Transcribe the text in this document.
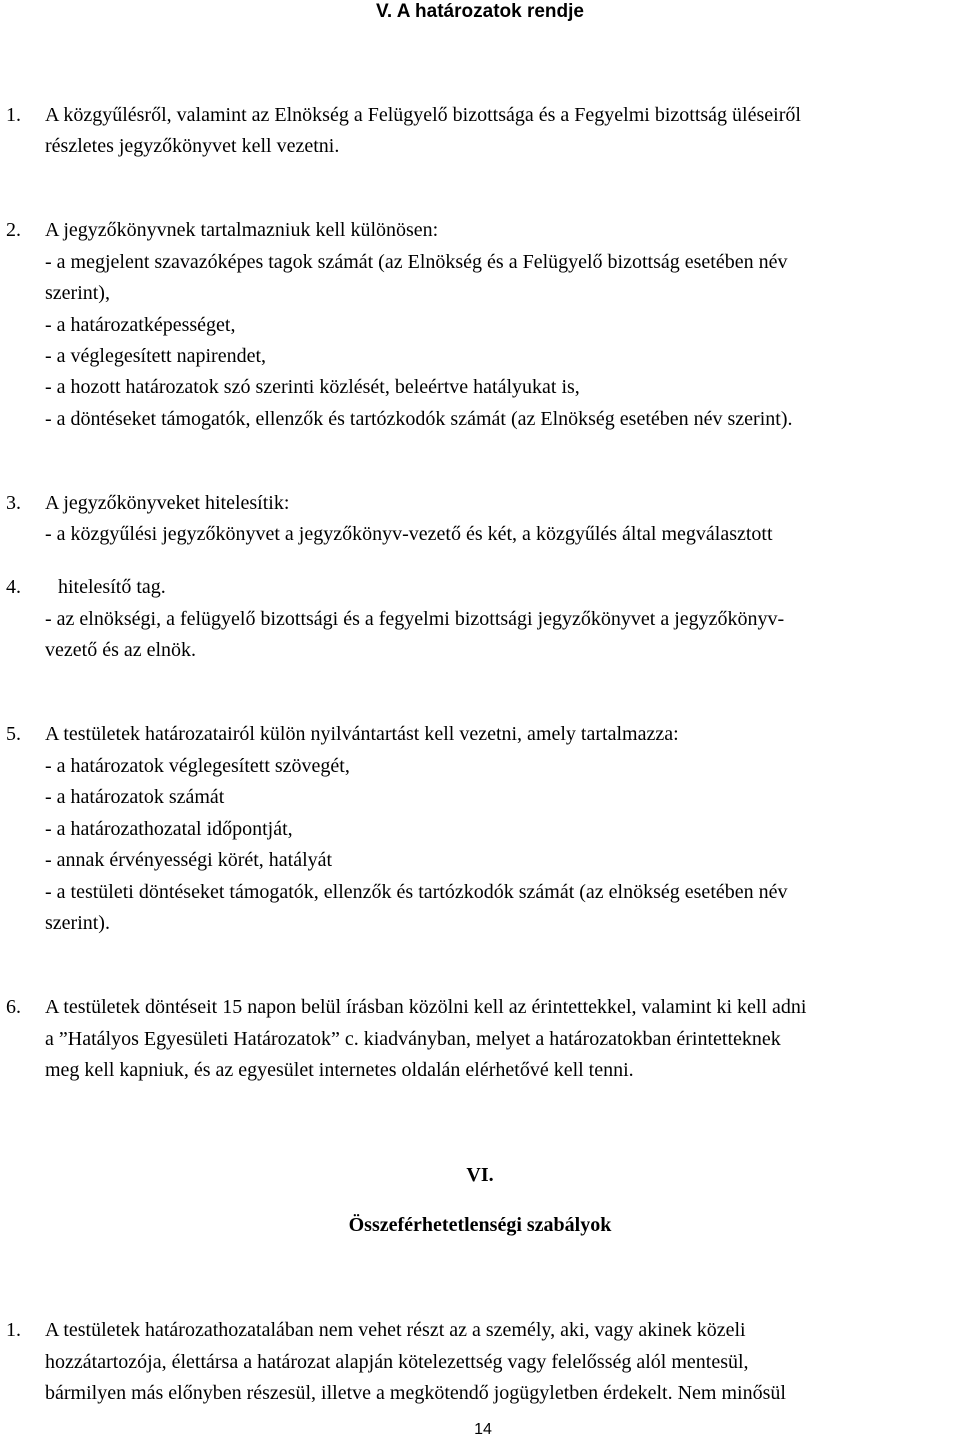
V. A határozatok rendje
1. A közgyűlésről, valamint az Elnökség a Felügyelő bizottsága és a Fegyelmi bizottság üléseiről
részletes jegyzőkönyvet kell vezetni.
2. A jegyzőkönyvnek tartalmazniuk kell különösen:
- a megjelent szavazóképes tagok számát (az Elnökség és a Felügyelő bizottság esetében név
szerint),
- a határozatképességet,
- a véglegesített napirendet,
- a hozott határozatok szó szerinti közlését, beleértve hatályukat is,
- a döntéseket támogatók, ellenzők és tartózkodók számát (az Elnökség esetében név szerint).
3. A jegyzőkönyveket hitelesítik:
- a közgyűlési jegyzőkönyvet a jegyzőkönyv-vezető és két, a közgyűlés által megválasztott
4. hitelesítő tag.
- az elnökségi, a felügyelő bizottsági és a fegyelmi bizottsági jegyzőkönyvet a jegyzőkönyv-
vezető és az elnök.
5. A testületek határozatairól külön nyilvántartást kell vezetni, amely tartalmazza:
- a határozatok véglegesített szövegét,
- a határozatok számát
- a határozathozatal időpontját,
- annak érvényességi körét, hatályát
- a testületi döntéseket támogatók, ellenzők és tartózkodók számát (az elnökség esetében név
szerint).
6. A testületek döntéseit 15 napon belül írásban közölni kell az érintettekkel, valamint ki kell adni
a ”Hatályos Egyesületi Határozatok” c. kiadványban, melyet a határozatokban érintetteknek
meg kell kapniuk, és az egyesület internetes oldalán elérhetővé kell tenni.
VI.
Összeférhetetlenségi szabályok
1. A testületek határozathozatalában nem vehet részt az a személy, aki, vagy akinek közeli
hozzátartozója, élettársa a határozat alapján kötelezettség vagy felelősség alól mentesül,
bármilyen más előnyben részesül, illetve a megkötendő jogügyletben érdekelt. Nem minősül
14
